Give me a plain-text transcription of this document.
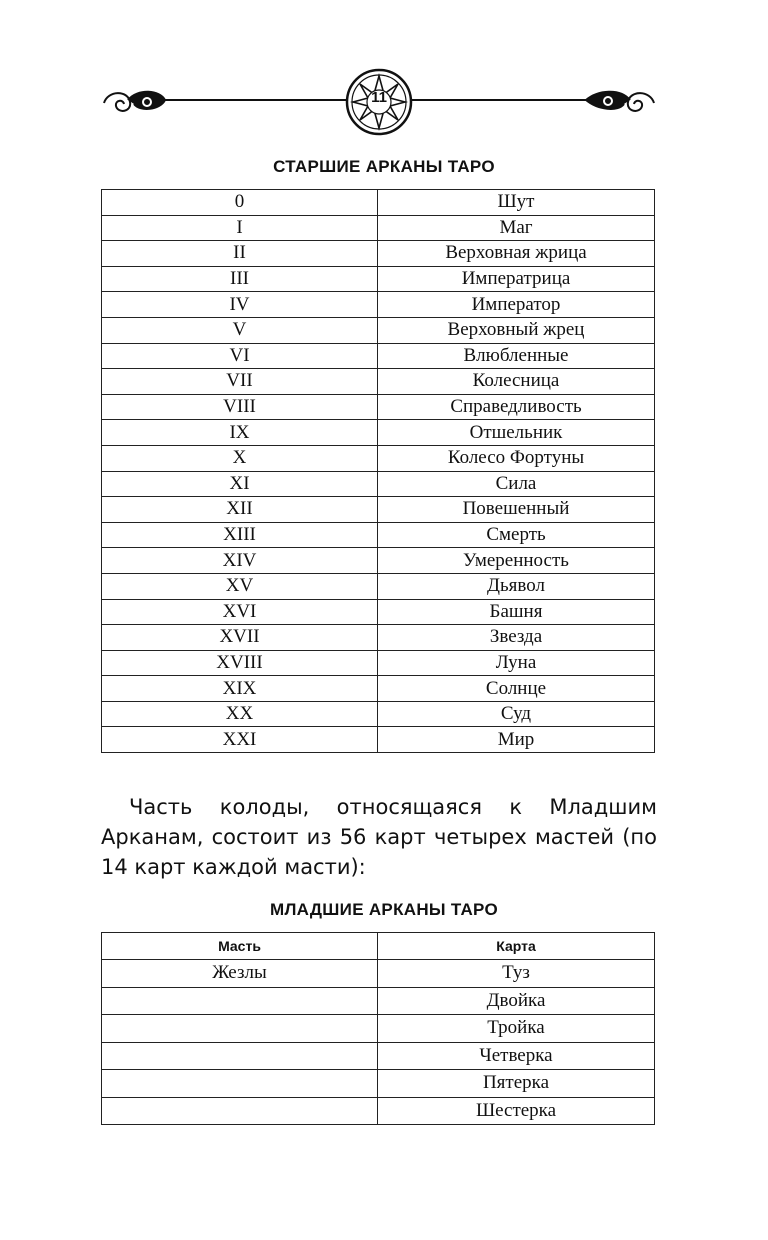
11
СТАРШИЕ АРКАНЫ ТАРО
0	Шут
I	Маг
II	Верховная жрица
III	Императрица
IV	Император
V	Верховный жрец
VI	Влюбленные
VII	Колесница
VIII	Справедливость
IX	Отшельник
X	Колесо Фортуны
XI	Сила
XII	Повешенный
XIII	Смерть
XIV	Умеренность
XV	Дьявол
XVI	Башня
XVII	Звезда
XVIII	Луна
XIX	Солнце
XX	Суд
XXI	Мир
Часть колоды, относящаяся к Младшим Арканам, состоит из 56 карт четырех мастей (по 14 карт каждой масти):
МЛАДШИЕ АРКАНЫ ТАРО
Масть	Карта
Жезлы	Туз
	Двойка
	Тройка
	Четверка
	Пятерка
	Шестерка
